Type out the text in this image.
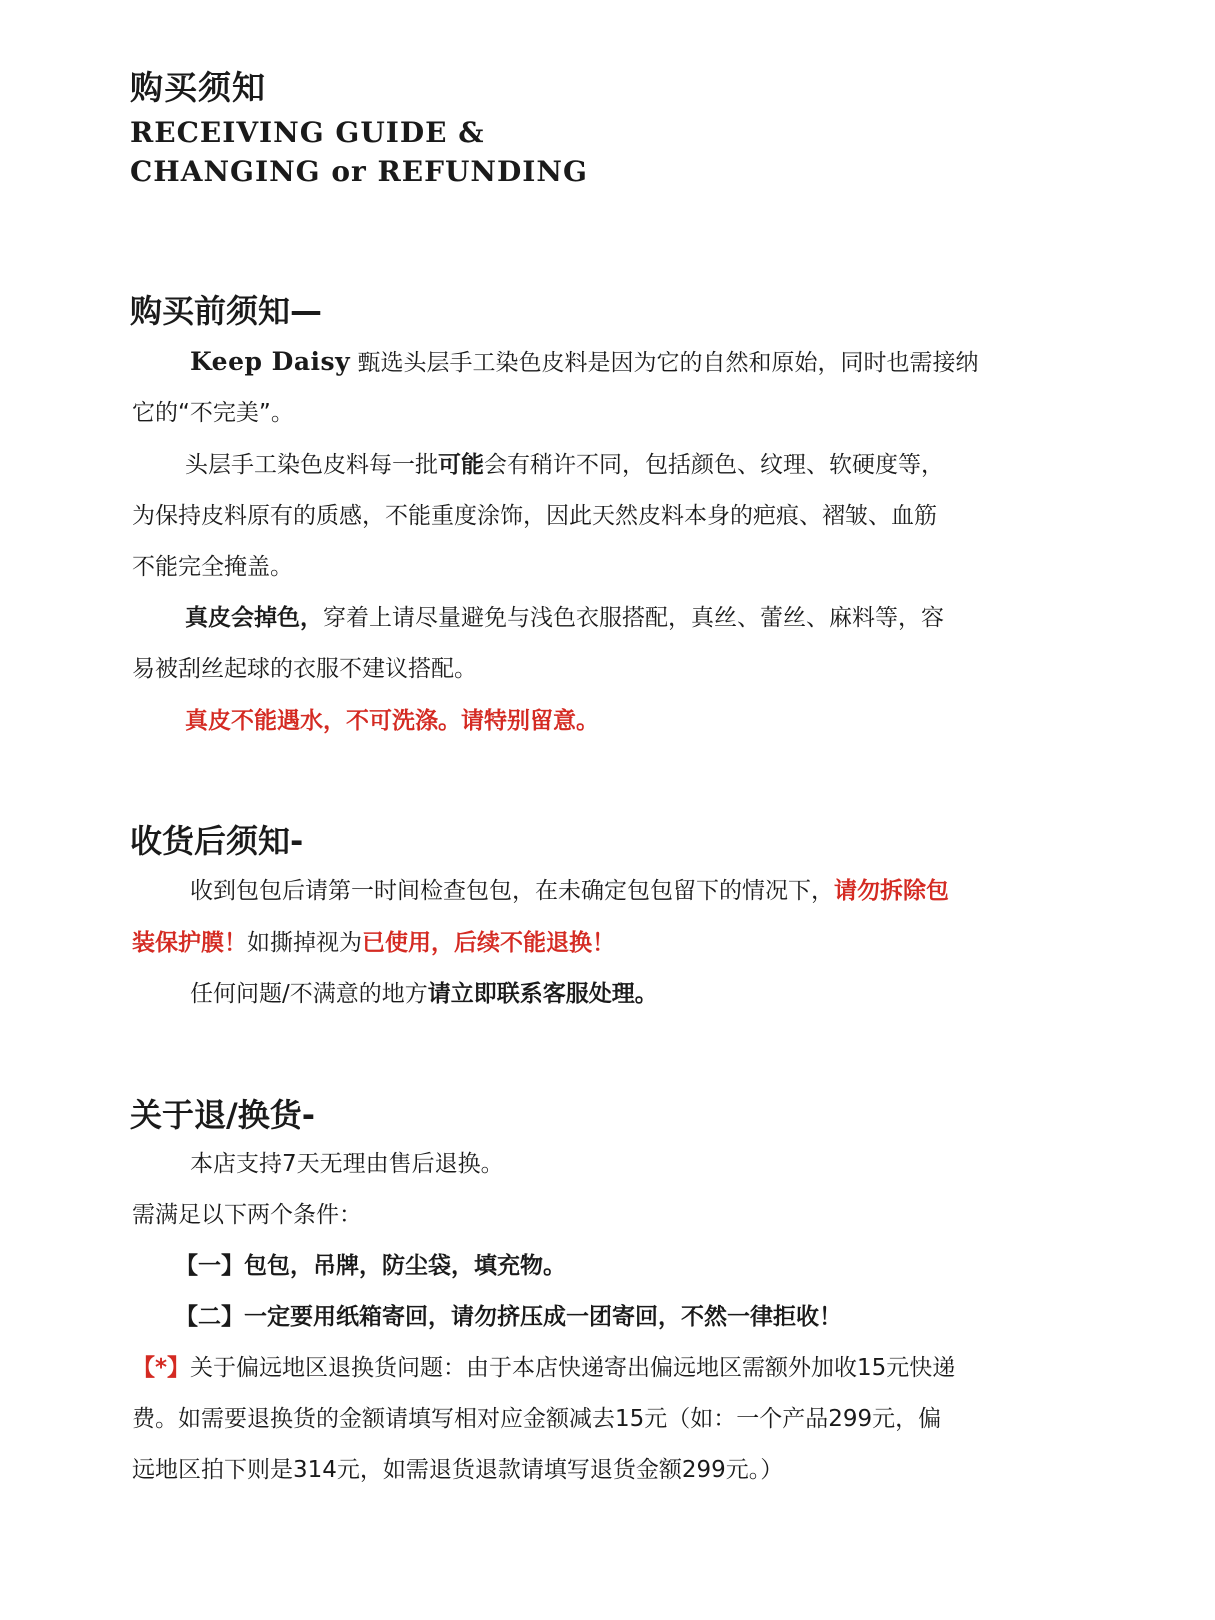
购买须知
RECEIVING GUIDE &
CHANGING or REFUNDING
购买前须知—
Keep Daisy 甄选头层手工染色皮料是因为它的自然和原始，同时也需接纳
它的“不完美”。
头层手工染色皮料每一批可能会有稍许不同，包括颜色、纹理、软硬度等，
为保持皮料原有的质感，不能重度涂饰，因此天然皮料本身的疤痕、褶皱、血筋
不能完全掩盖。
真皮会掉色，穿着上请尽量避免与浅色衣服搭配，真丝、蕾丝、麻料等，容
易被刮丝起球的衣服不建议搭配。
真皮不能遇水，不可洗涤。请特别留意。
收货后须知-
收到包包后请第一时间检查包包，在未确定包包留下的情况下，请勿拆除包
装保护膜！如撕掉视为已使用，后续不能退换！
任何问题/不满意的地方请立即联系客服处理。
关于退/换货-
本店支持7天无理由售后退换。
需满足以下两个条件：
【一】包包，吊牌，防尘袋，填充物。
【二】一定要用纸箱寄回，请勿挤压成一团寄回，不然一律拒收！
【*】关于偏远地区退换货问题：由于本店快递寄出偏远地区需额外加收15元快递
费。如需要退换货的金额请填写相对应金额减去15元（如：一个产品299元，偏
远地区拍下则是314元，如需退货退款请填写退货金额299元。）
